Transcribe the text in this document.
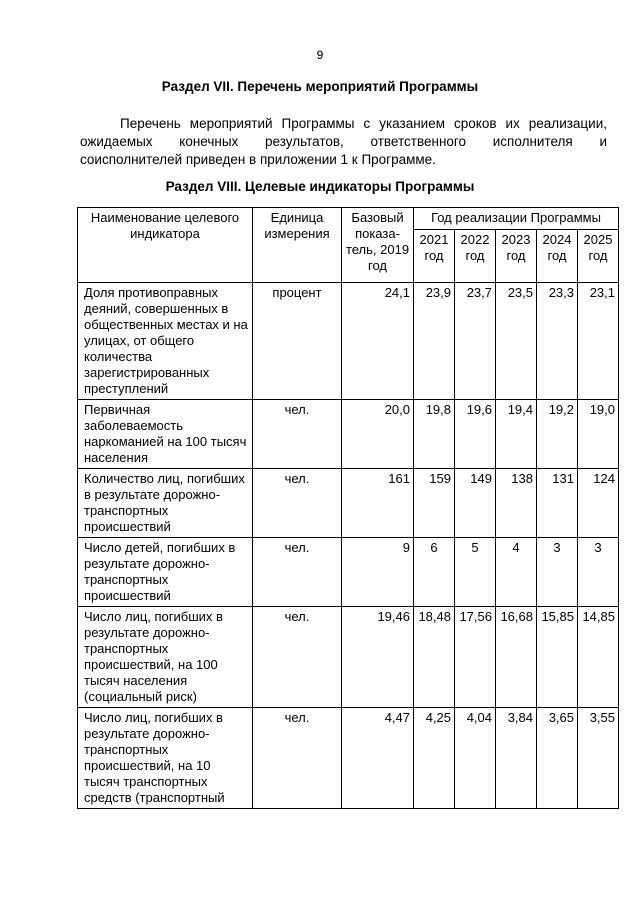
9
Раздел VII. Перечень мероприятий Программы
Перечень мероприятий Программы с указанием сроков их реализации,
ожидаемых конечных результатов, ответственного исполнителя и
соисполнителей приведен в приложении 1 к Программе.
Раздел VIII. Целевые индикаторы Программы
Наименование целевого индикатора	Единица измерения	Базовый показа-тель, 2019 год	Год реализации Программы				
			2021 год	2022 год	2023 год	2024 год	2025 год
Доля противоправных деяний, совершенных в общественных местах и на улицах, от общего количества зарегистрированных преступлений	процент	24,1	23,9	23,7	23,5	23,3	23,1
Первичная заболеваемость наркоманией на 100 тысяч населения	чел.	20,0	19,8	19,6	19,4	19,2	19,0
Количество лиц, погибших в результате дорожно-транспортных происшествий	чел.	161	159	149	138	131	124
Число детей, погибших в результате дорожно-транспортных происшествий	чел.	9	6	5	4	3	3
Число лиц, погибших в результате дорожно-транспортных происшествий, на 100 тысяч населения (социальный риск)	чел.	19,46	18,48	17,56	16,68	15,85	14,85
Число лиц, погибших в результате дорожно-транспортных происшествий, на 10 тысяч транспортных средств (транспортный	чел.	4,47	4,25	4,04	3,84	3,65	3,55
